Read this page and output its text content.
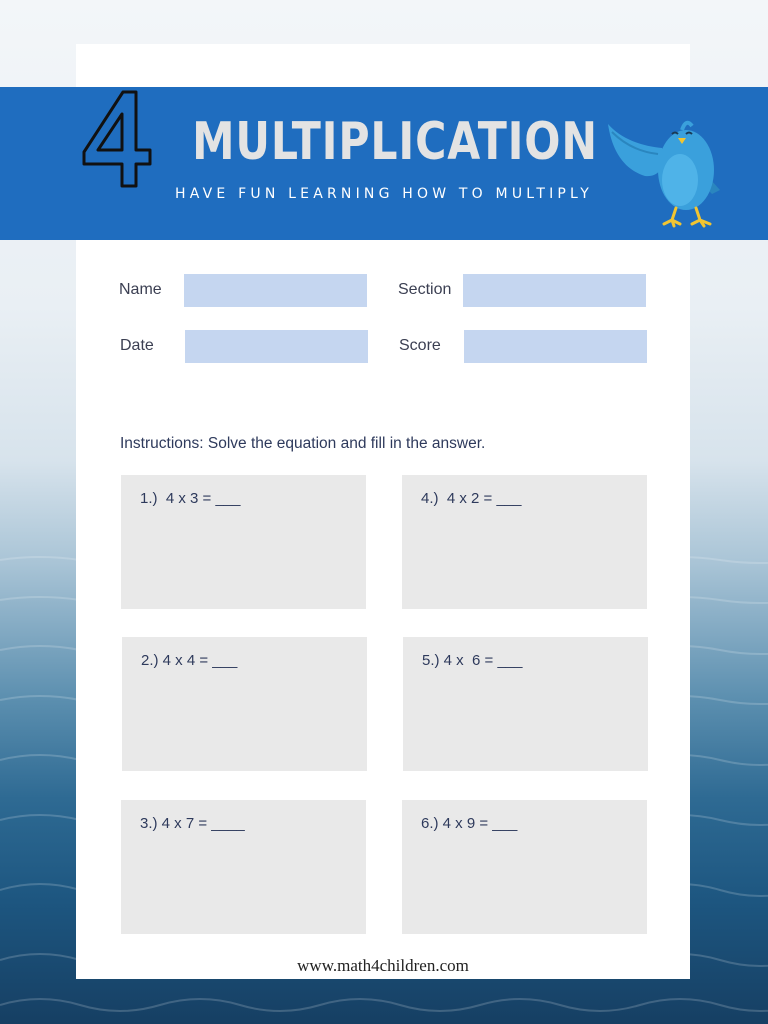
4 MULTIPLICATION
HAVE FUN LEARNING HOW TO MULTIPLY
Name	Section
Date	Score
Instructions: Solve the equation and fill in the answer.
1.)  4 x 3 = ___
2.) 4 x 4 = ___
3.) 4 x 7 = ____
4.)  4 x 2 = ___
5.) 4 x  6 = ___
6.) 4 x 9 = ___
www.math4children.com
